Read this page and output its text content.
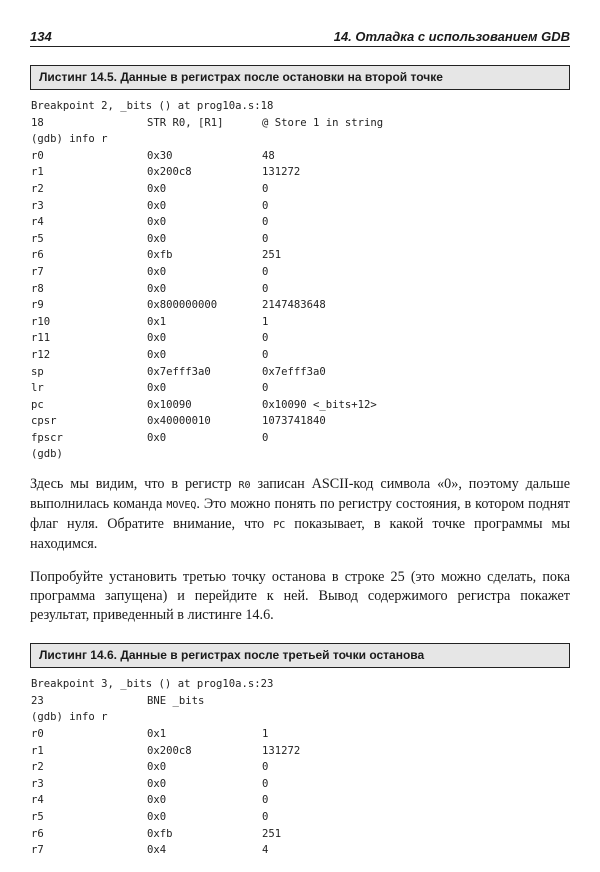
134	14. Отладка с использованием GDB
Листинг 14.5. Данные в регистрах после остановки на второй точке
Breakpoint 2, _bits () at prog10a.s:18
18	STR R0, [R1]	@ Store 1 in string
(gdb) info r
r0	0x30	48
r1	0x200c8	131272
r2	0x0	0
r3	0x0	0
r4	0x0	0
r5	0x0	0
r6	0xfb	251
r7	0x0	0
r8	0x0	0
r9	0x800000000	2147483648
r10	0x1	1
r11	0x0	0
r12	0x0	0
sp	0x7efff3a0	0x7efff3a0
lr	0x0	0
pc	0x10090	0x10090 <_bits+12>
cpsr	0x40000010	1073741840
fpscr	0x0	0
(gdb)

Здесь мы видим, что в регистр R0 записан ASCII-код символа «0», поэтому дальше выполнилась команда MOVEQ. Это можно понять по регистру состояния, в котором поднят флаг нуля. Обратите внимание, что PC показывает, в какой точке программы мы находимся.

Попробуйте установить третью точку останова в строке 25 (это можно сделать, пока программа запущена) и перейдите к ней. Вывод содержимого регистра покажет результат, приведенный в листинге 14.6.

Листинг 14.6. Данные в регистрах после третьей точки останова
Breakpoint 3, _bits () at prog10a.s:23
23	BNE _bits
(gdb) info r
r0	0x1	1
r1	0x200c8	131272
r2	0x0	0
r3	0x0	0
r4	0x0	0
r5	0x0	0
r6	0xfb	251
r7	0x4	4
